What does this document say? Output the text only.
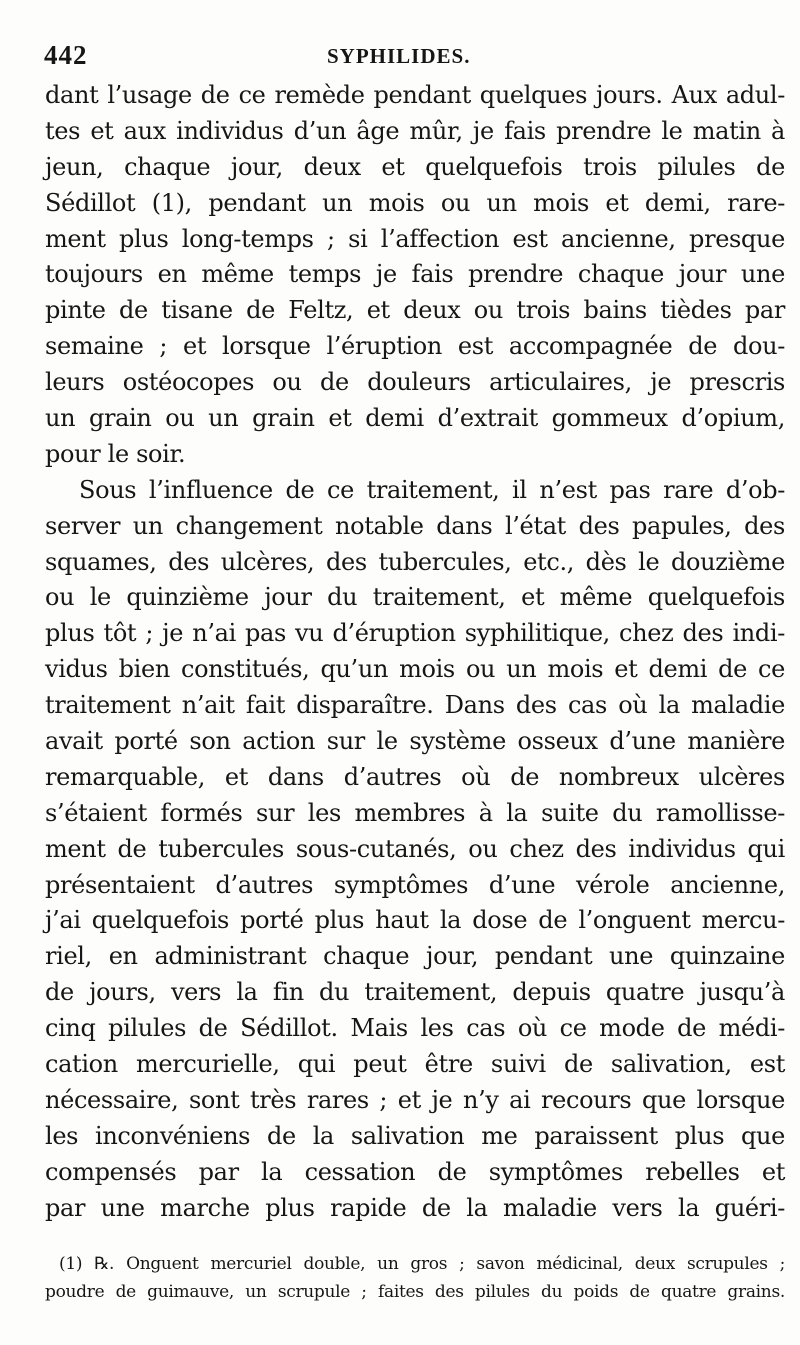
442	SYPHILIDES.
dant l’usage de ce remède pendant quelques jours. Aux adul-
tes et aux individus d’un âge mûr, je fais prendre le matin à
jeun, chaque jour, deux et quelquefois trois pilules de
Sédillot (1), pendant un mois ou un mois et demi, rare-
ment plus long-temps ; si l’affection est ancienne, presque
toujours en même temps je fais prendre chaque jour une
pinte de tisane de Feltz, et deux ou trois bains tièdes par
semaine ; et lorsque l’éruption est accompagnée de dou-
leurs ostéocopes ou de douleurs articulaires, je prescris
un grain ou un grain et demi d’extrait gommeux d’opium,
pour le soir.
Sous l’influence de ce traitement, il n’est pas rare d’ob-
server un changement notable dans l’état des papules, des
squames, des ulcères, des tubercules, etc., dès le douzième
ou le quinzième jour du traitement, et même quelquefois
plus tôt ; je n’ai pas vu d’éruption syphilitique, chez des indi-
vidus bien constitués, qu’un mois ou un mois et demi de ce
traitement n’ait fait disparaître. Dans des cas où la maladie
avait porté son action sur le système osseux d’une manière
remarquable, et dans d’autres où de nombreux ulcères
s’étaient formés sur les membres à la suite du ramollisse-
ment de tubercules sous-cutanés, ou chez des individus qui
présentaient d’autres symptômes d’une vérole ancienne,
j’ai quelquefois porté plus haut la dose de l’onguent mercu-
riel, en administrant chaque jour, pendant une quinzaine
de jours, vers la fin du traitement, depuis quatre jusqu’à
cinq pilules de Sédillot. Mais les cas où ce mode de médi-
cation mercurielle, qui peut être suivi de salivation, est
nécessaire, sont très rares ; et je n’y ai recours que lorsque
les inconvéniens de la salivation me paraissent plus que
compensés par la cessation de symptômes rebelles et
par une marche plus rapide de la maladie vers la guéri-
(1) ℞. Onguent mercuriel double, un gros ; savon médicinal, deux scrupules ;
poudre de guimauve, un scrupule ; faites des pilules du poids de quatre grains.
